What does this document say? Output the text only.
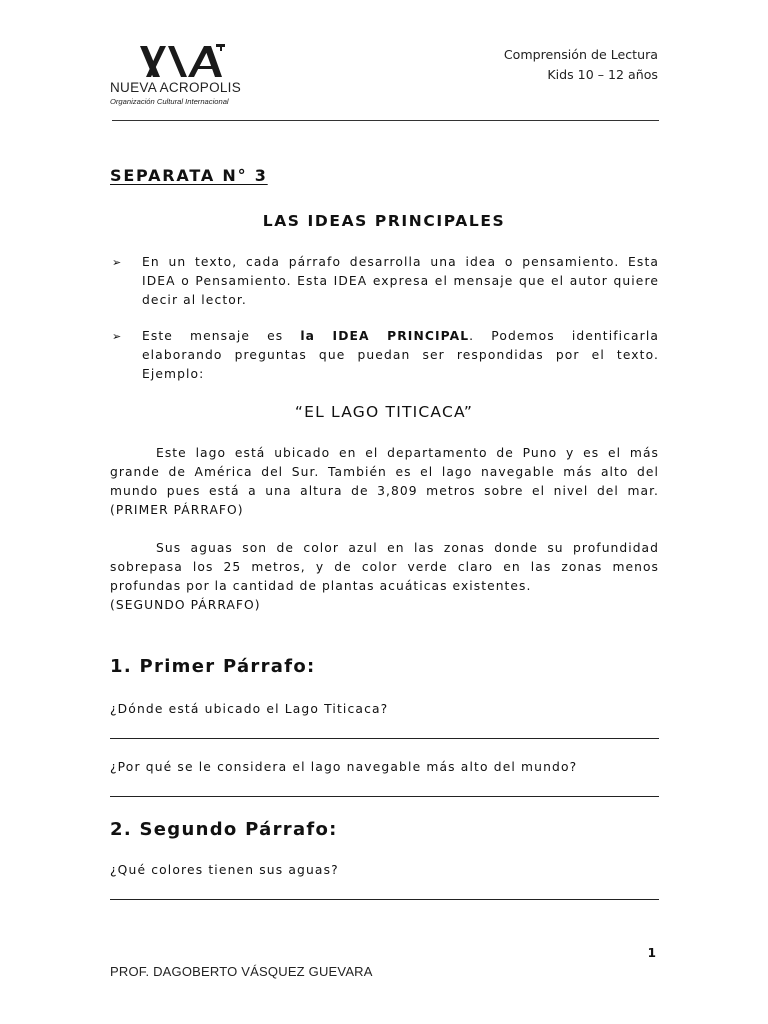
NUEVA ACROPOLIS
Organización Cultural Internacional
Comprensión de Lectura
Kids 10 – 12 años
SEPARATA N° 3
LAS IDEAS PRINCIPALES
➢ En un texto, cada párrafo desarrolla una idea o pensamiento. Esta IDEA o Pensamiento. Esta IDEA expresa el mensaje que el autor quiere decir al lector.
➢ Este mensaje es la IDEA PRINCIPAL. Podemos identificarla elaborando preguntas que puedan ser respondidas por el texto. Ejemplo:
“EL LAGO TITICACA”
Este lago está ubicado en el departamento de Puno y es el más grande de América del Sur. También es el lago navegable más alto del mundo pues está a una altura de 3,809 metros sobre el nivel del mar. (PRIMER PÁRRAFO)
Sus aguas son de color azul en las zonas donde su profundidad sobrepasa los 25 metros, y de color verde claro en las zonas menos profundas por la cantidad de plantas acuáticas existentes.
(SEGUNDO PÁRRAFO)
1. Primer Párrafo:
¿Dónde está ubicado el Lago Titicaca?
¿Por qué se le considera el lago navegable más alto del mundo?
2. Segundo Párrafo:
¿Qué colores tienen sus aguas?
1
PROF. DAGOBERTO VÁSQUEZ GUEVARA
